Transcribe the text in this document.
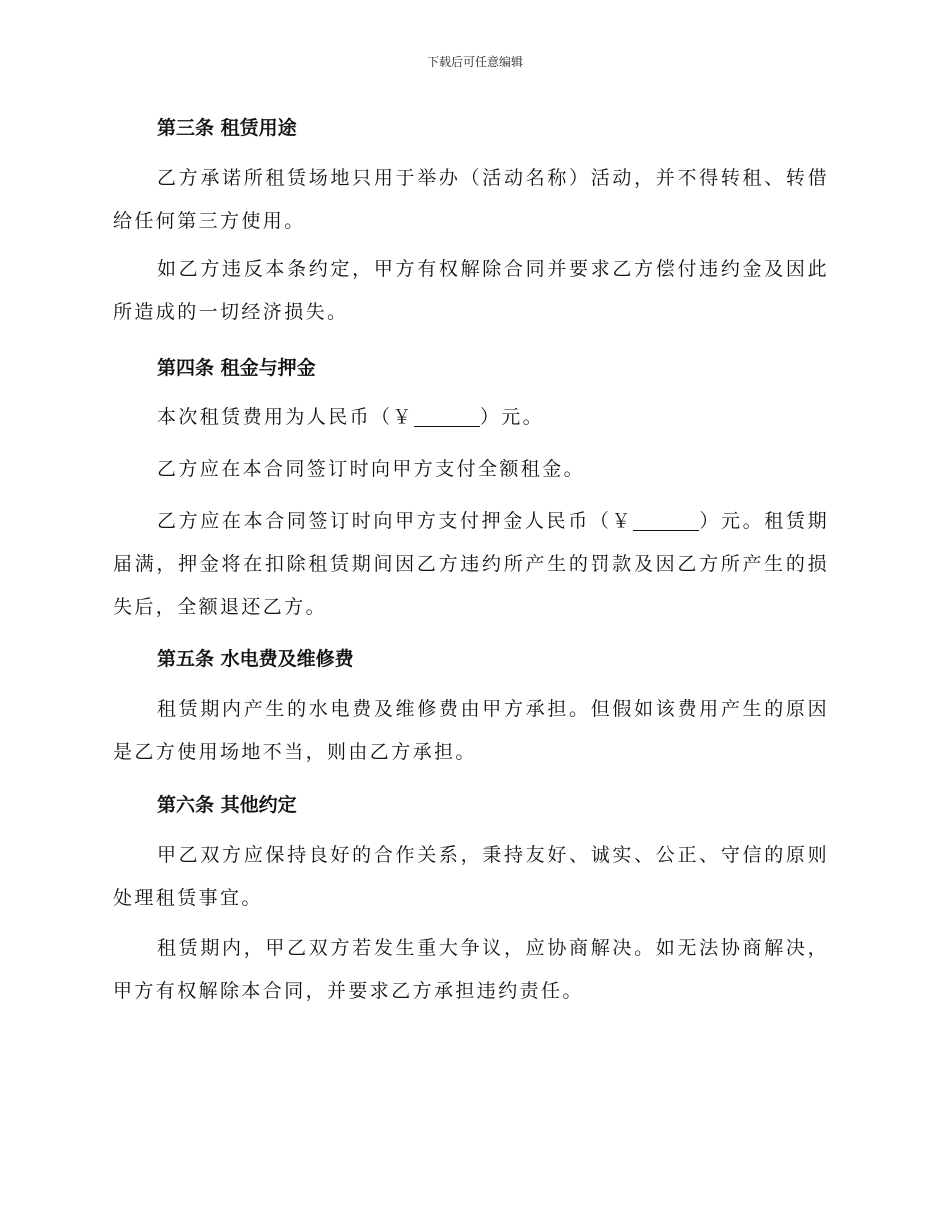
下载后可任意编辑
第三条 租赁用途
乙方承诺所租赁场地只用于举办（活动名称）活动，并不得转租、转借给任何第三方使用。
如乙方违反本条约定，甲方有权解除合同并要求乙方偿付违约金及因此所造成的一切经济损失。
第四条 租金与押金
本次租赁费用为人民币（￥	）元。
乙方应在本合同签订时向甲方支付全额租金。
乙方应在本合同签订时向甲方支付押金人民币（￥	）元。租赁期届满，押金将在扣除租赁期间因乙方违约所产生的罚款及因乙方所产生的损失后，全额退还乙方。
第五条 水电费及维修费
租赁期内产生的水电费及维修费由甲方承担。但假如该费用产生的原因是乙方使用场地不当，则由乙方承担。
第六条 其他约定
甲乙双方应保持良好的合作关系，秉持友好、诚实、公正、守信的原则处理租赁事宜。
租赁期内，甲乙双方若发生重大争议，应协商解决。如无法协商解决，甲方有权解除本合同，并要求乙方承担违约责任。
